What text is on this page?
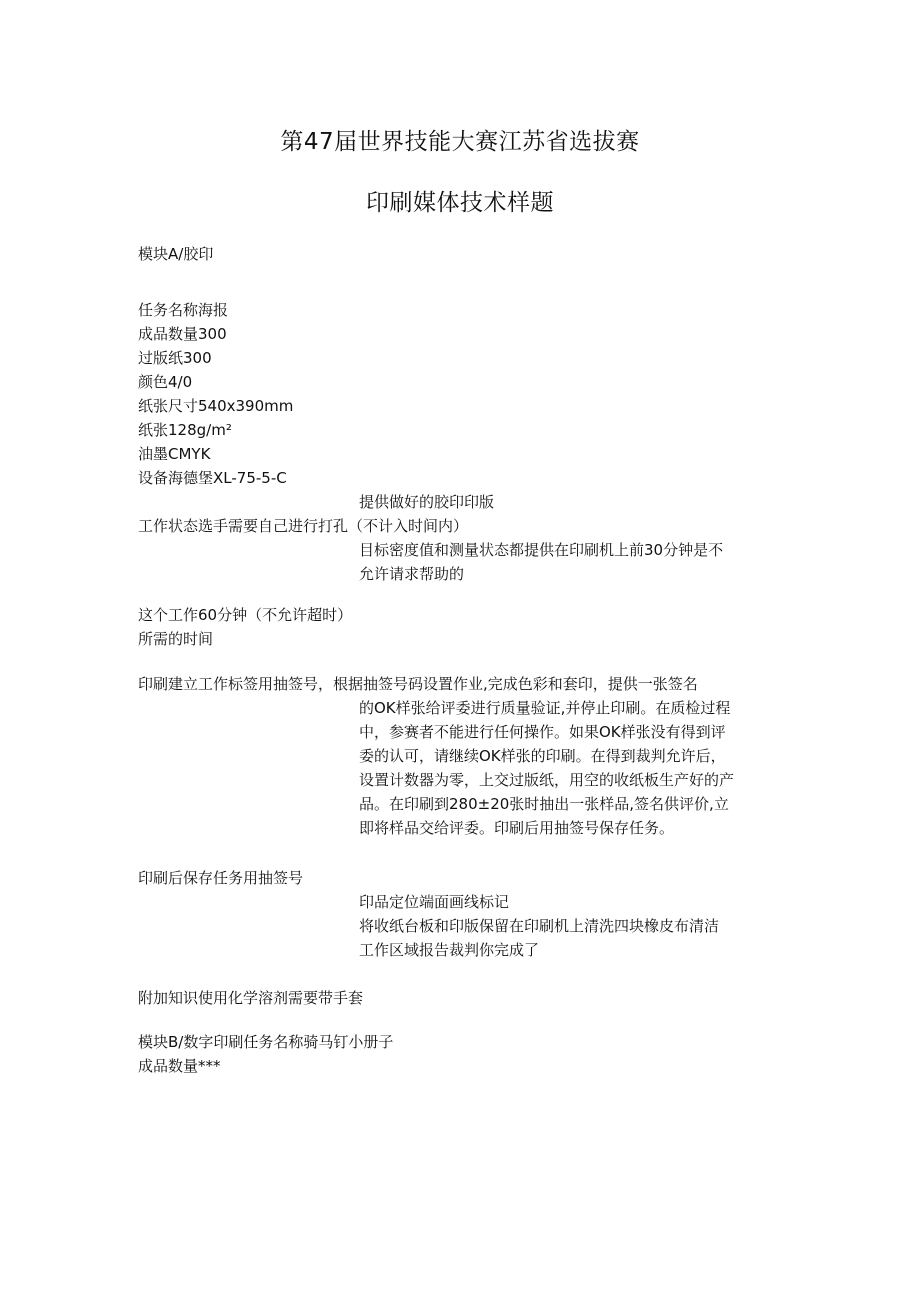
第47届世界技能大赛江苏省选拔赛
印刷媒体技术样题
模块A/胶印
任务名称海报
成品数量300
过版纸300
颜色4/0
纸张尺寸540x390mm
纸张128g∕m²
油墨CMYK
设备海德堡XL-75-5-C
提供做好的胶印印版
工作状态选手需要自己进行打孔（不计入时间内）
目标密度值和测量状态都提供在印刷机上前30分钟是不
允许请求帮助的
这个工作60分钟（不允许超时）
所需的时间
印刷建立工作标签用抽签号，根据抽签号码设置作业,完成色彩和套印，提供一张签名
的OK样张给评委进行质量验证,并停止印刷。在质检过程
中，参赛者不能进行任何操作。如果OK样张没有得到评
委的认可，请继续OK样张的印刷。在得到裁判允许后，
设置计数器为零，上交过版纸，用空的收纸板生产好的产
品。在印刷到280±20张时抽出一张样品,签名供评价,立
即将样品交给评委。印刷后用抽签号保存任务。
印刷后保存任务用抽签号
印品定位端面画线标记
将收纸台板和印版保留在印刷机上清洗四块橡皮布清洁
工作区域报告裁判你完成了
附加知识使用化学溶剂需要带手套
模块B/数字印刷任务名称骑马钉小册子
成品数量***
